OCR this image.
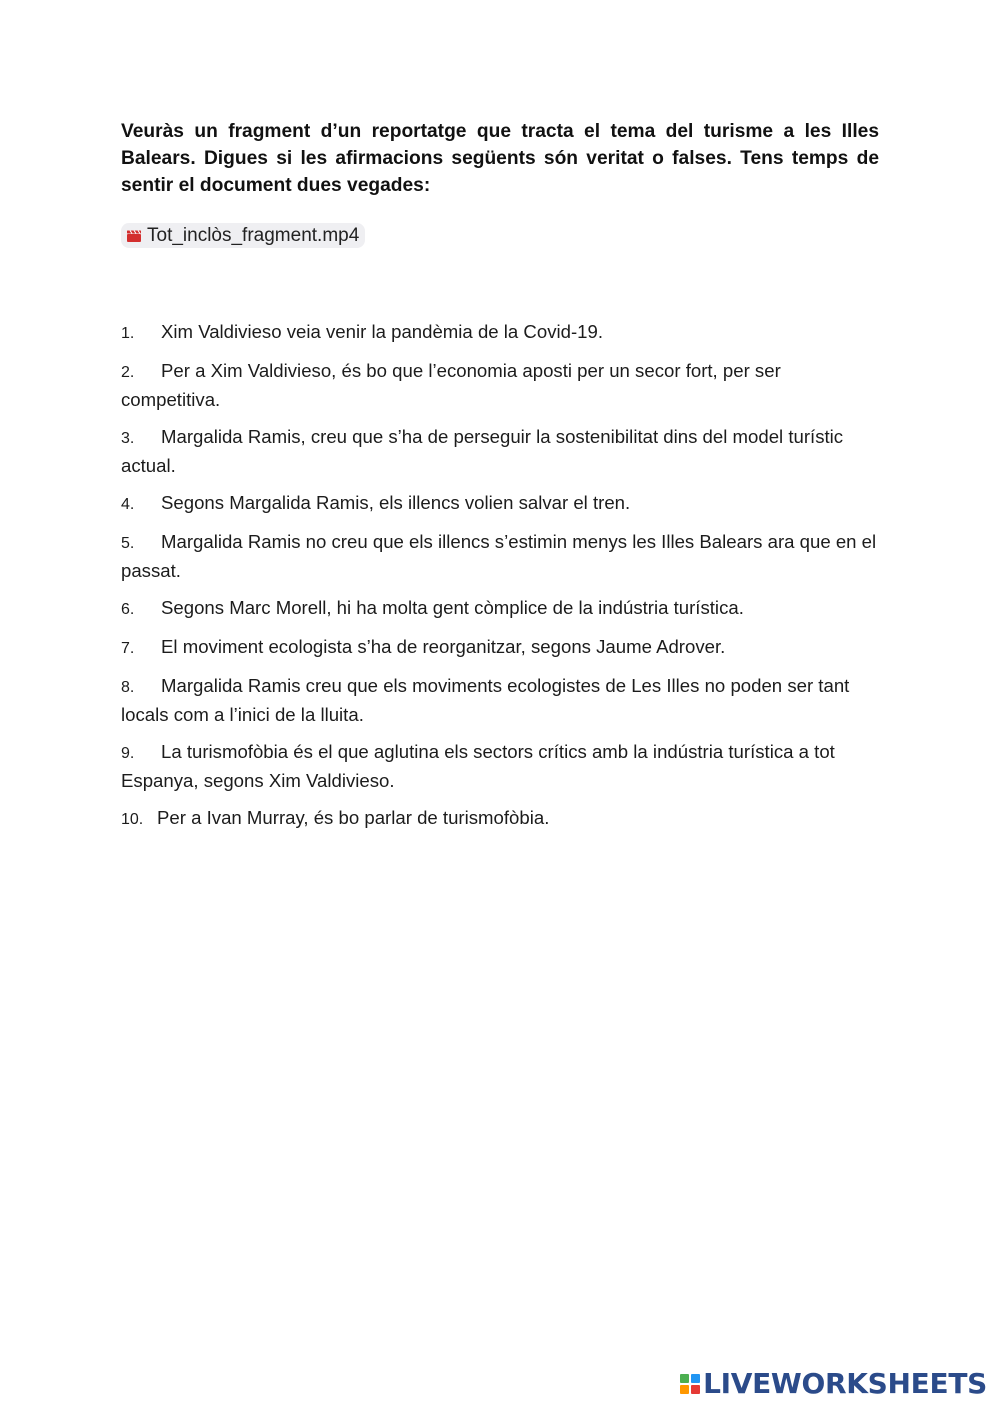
Veuràs un fragment d’un reportatge que tracta el tema del turisme a les Illes Balears. Digues si les afirmacions següents són veritat o falses. Tens temps de sentir el document dues vegades:

Tot_inclòs_fragment.mp4
1. Xim Valdivieso veia venir la pandèmia de la Covid-19.
2. Per a Xim Valdivieso, és bo que l’economia aposti per un secor fort, per ser competitiva.
3. Margalida Ramis, creu que s’ha de perseguir la sostenibilitat dins del model turístic actual.
4. Segons Margalida Ramis, els illencs volien salvar el tren.
5. Margalida Ramis no creu que els illencs s’estimin menys les Illes Balears ara que en el passat.
6. Segons Marc Morell, hi ha molta gent còmplice de la indústria turística.
7. El moviment ecologista s’ha de reorganitzar, segons Jaume Adrover.
8. Margalida Ramis creu que els moviments ecologistes de Les Illes no poden ser tant locals com a l’inici de la lluita.
9. La turismofòbia és el que aglutina els sectors crítics amb la indústria turística a tot Espanya, segons Xim Valdivieso.
10. Per a Ivan Murray, és bo parlar de turismofòbia.
LIVEWORKSHEETS
